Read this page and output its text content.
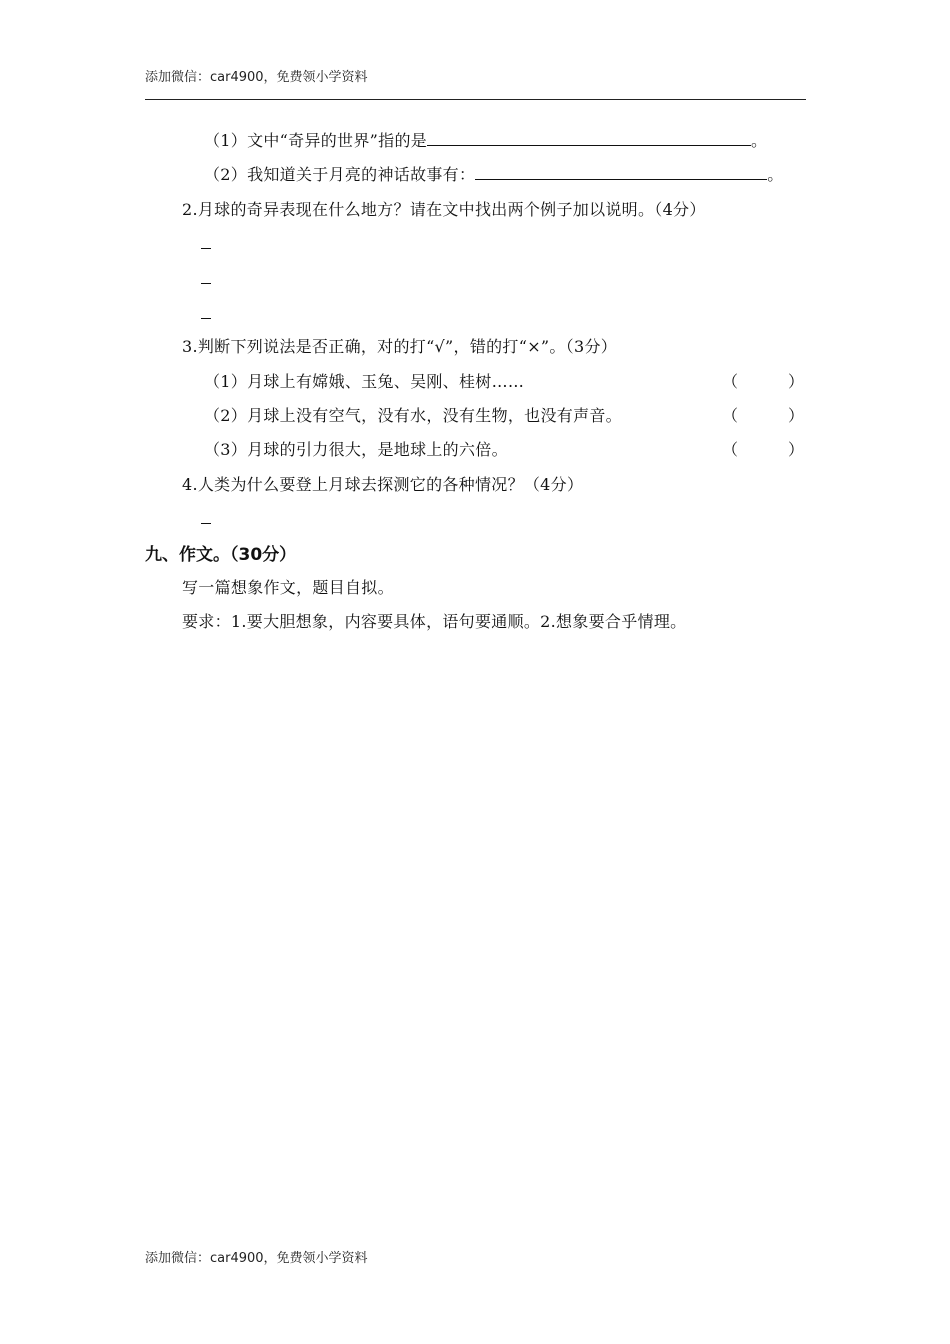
添加微信：car4900，免费领小学资料
（1）文中“奇异的世界”指的是	。
（2）我知道关于月亮的神话故事有：	。
2.月球的奇异表现在什么地方？请在文中找出两个例子加以说明。（4分）
3.判断下列说法是否正确，对的打“√”，错的打“×”。（3分）
（1）月球上有嫦娥、玉兔、吴刚、桂树……	（	）
（2）月球上没有空气，没有水，没有生物，也没有声音。	（	）
（3）月球的引力很大，是地球上的六倍。	（	）
4.人类为什么要登上月球去探测它的各种情况？（4分）
九、作文。（30分）
写一篇想象作文，题目自拟。
要求：1.要大胆想象，内容要具体，语句要通顺。2.想象要合乎情理。
添加微信：car4900，免费领小学资料
